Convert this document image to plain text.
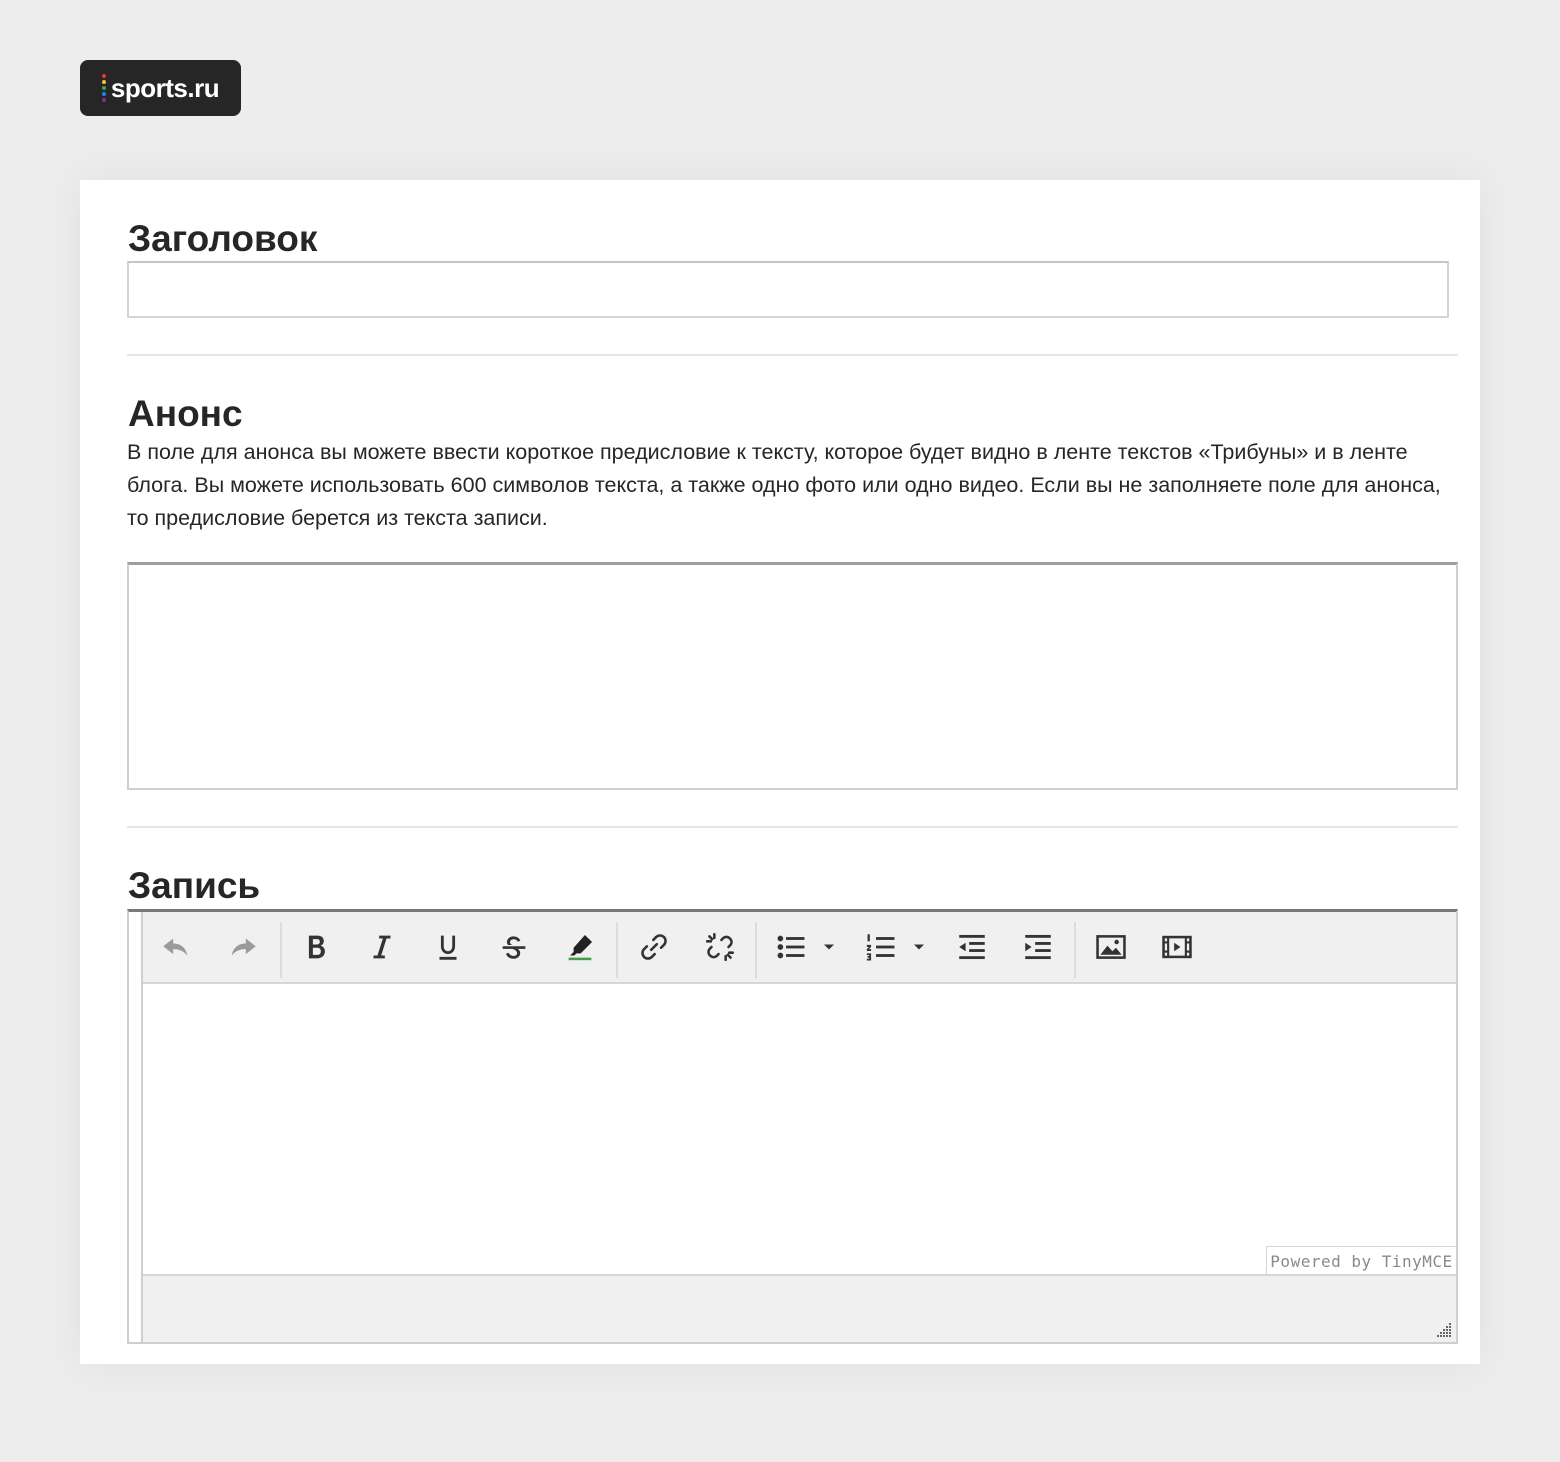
sports.ru
Заголовок
Анонс
В поле для анонса вы можете ввести короткое предисловие к тексту, которое будет видно в ленте текстов «Трибуны» и в ленте блога. Вы можете использовать 600 символов текста, а также одно фото или одно видео. Если вы не заполняете поле для анонса, то предисловие берется из текста записи.
Запись
Powered by TinyMCE
